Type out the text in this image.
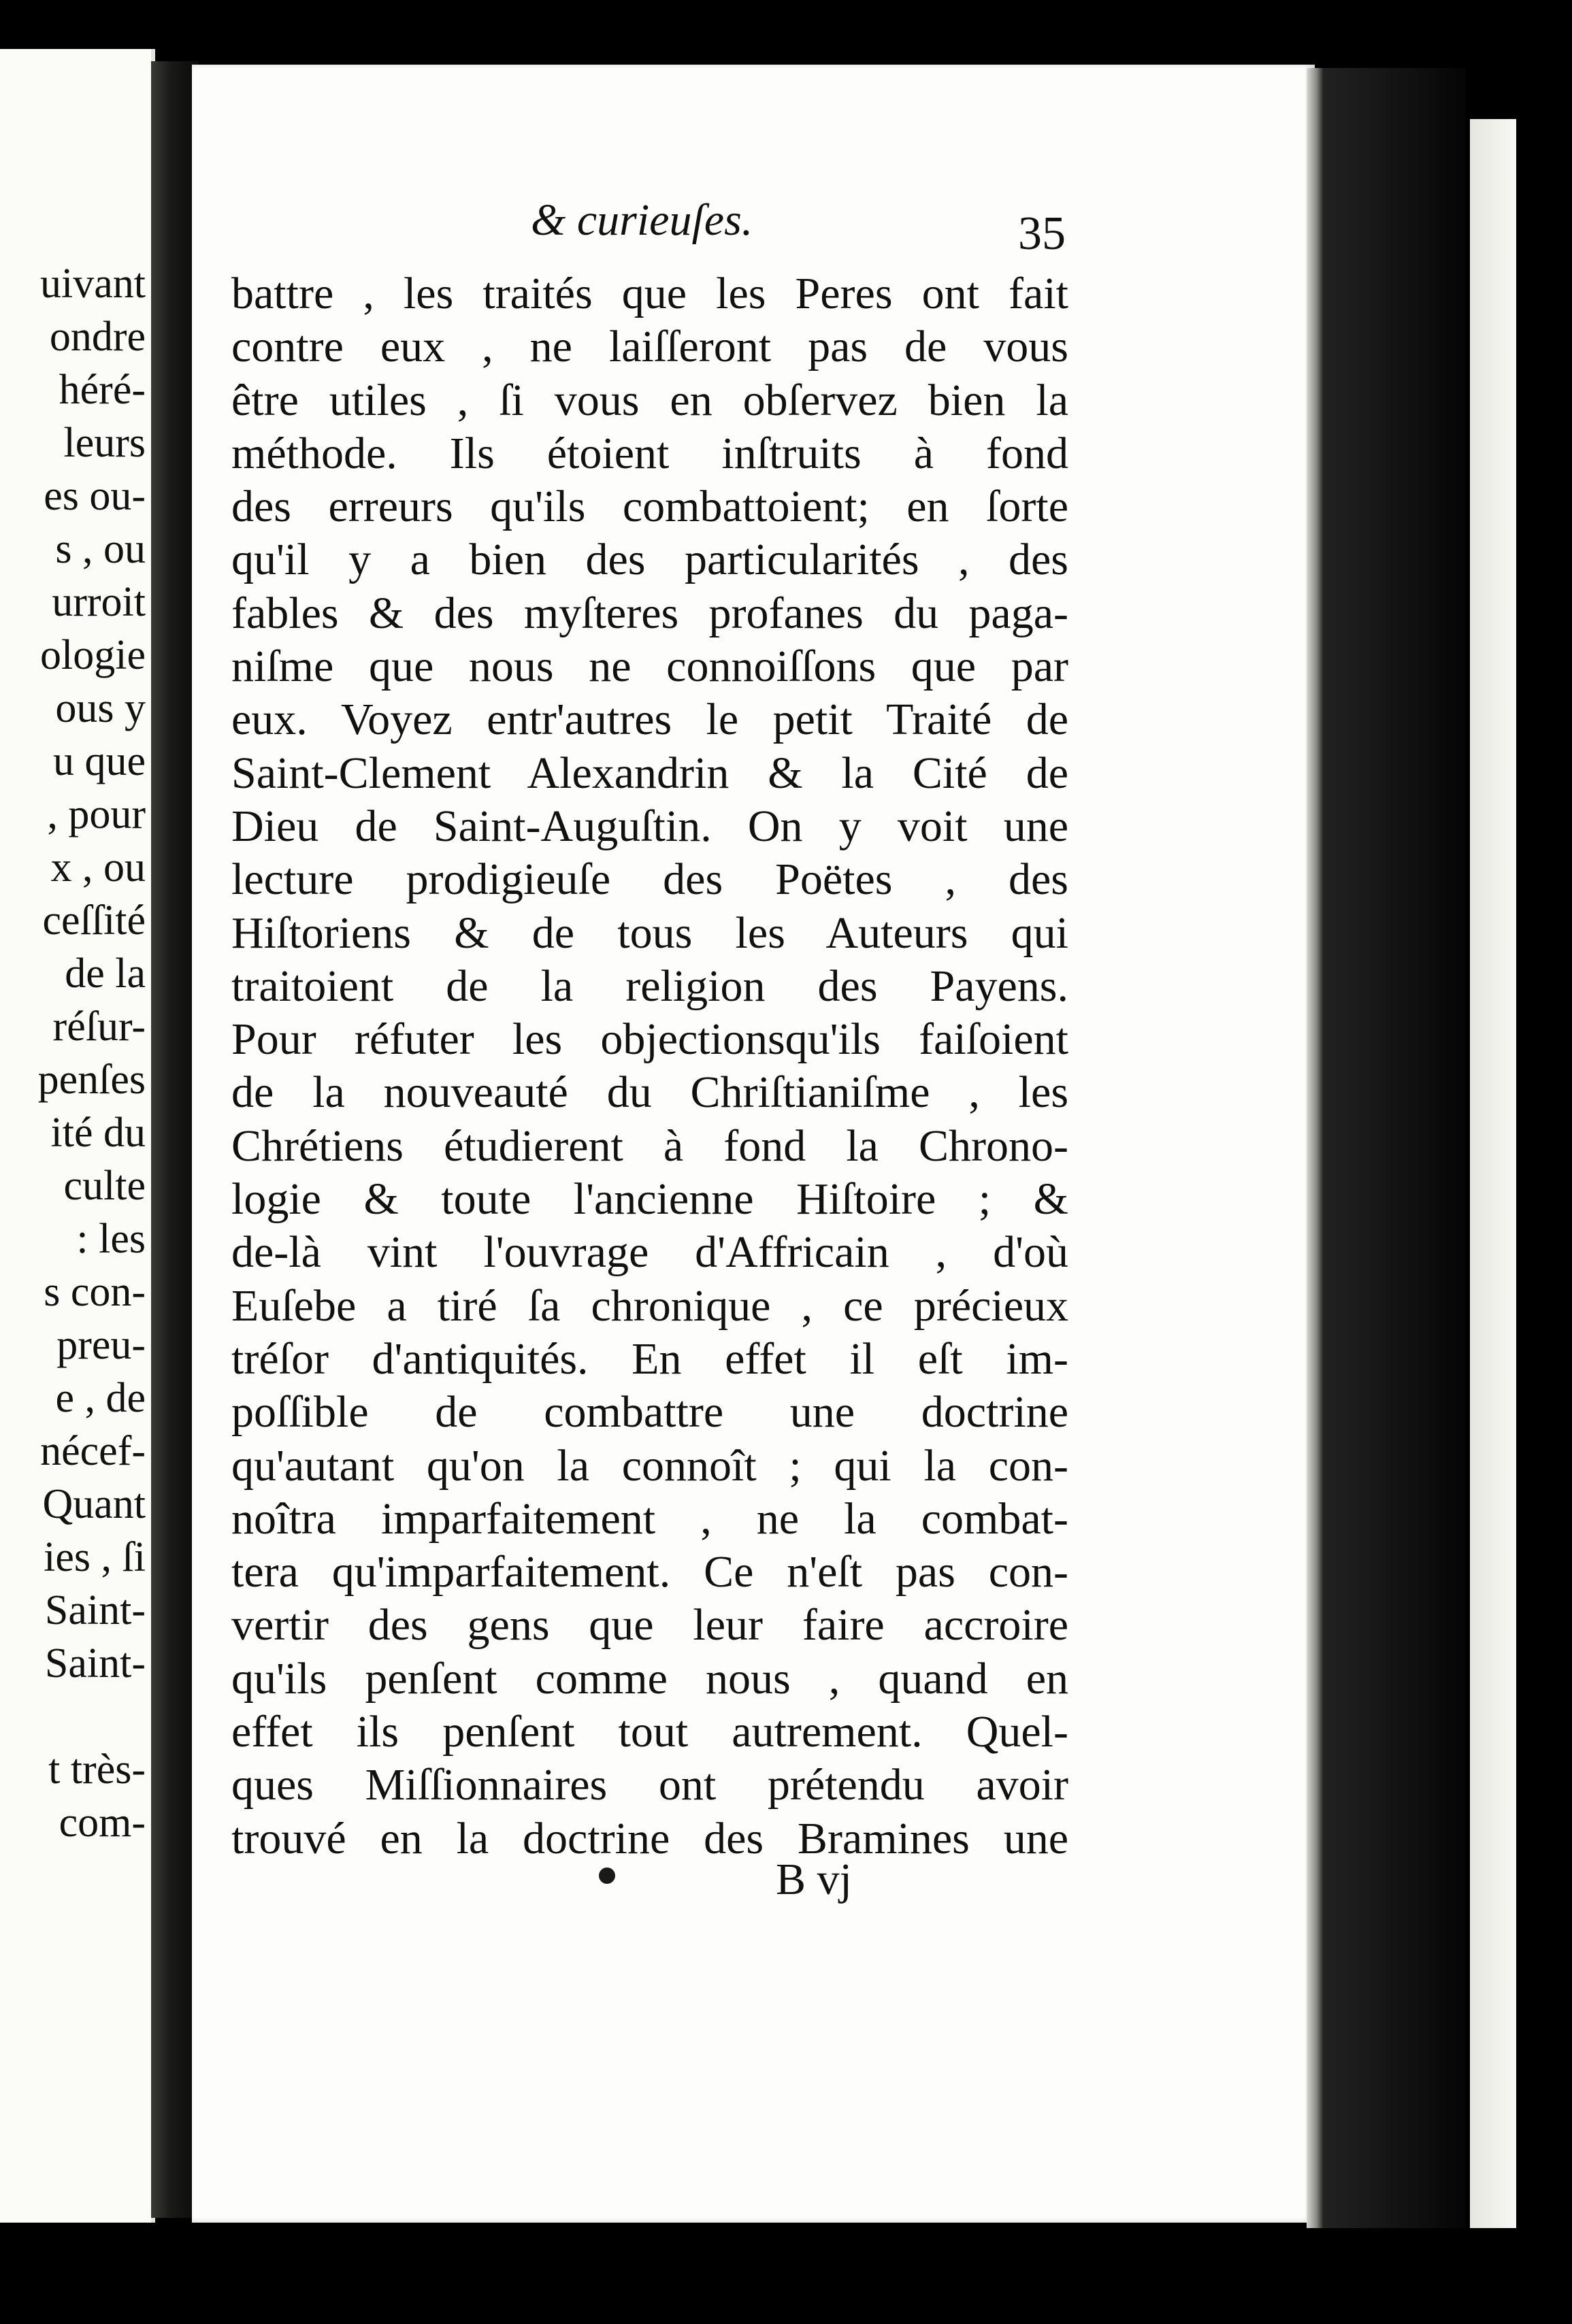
uivant
ondre
héré-
leurs
es ou-
s , ou
urroit
ologie
ous y
u que
, pour
x , ou
ceſſité
de la
réſur-
penſes
ité du
culte
: les
s con-
preu-
e , de
nécef-
Quant
ies , ſi
Saint-
Saint-
t très-
com-
& curieuſes.	35
battre , les traités que les Peres ont fait
contre eux , ne laiſſeront pas de vous
être utiles , ſi vous en obſervez bien la
méthode. Ils étoient inſtruits à fond
des erreurs qu'ils combattoient; en ſorte
qu'il y a bien des particularités , des
fables & des myſteres profanes du paga-
niſme que nous ne connoiſſons que par
eux. Voyez entr'autres le petit Traité de
Saint-Clement Alexandrin & la Cité de
Dieu de Saint-Auguſtin. On y voit une
lecture prodigieuſe des Poëtes , des
Hiſtoriens & de tous les Auteurs qui
traitoient de la religion des Payens.
Pour réfuter les objectionsqu'ils faiſoient
de la nouveauté du Chriſtianiſme , les
Chrétiens étudierent à fond la Chrono-
logie & toute l'ancienne Hiſtoire ; &
de-là vint l'ouvrage d'Affricain , d'où
Euſebe a tiré ſa chronique , ce précieux
tréſor d'antiquités. En effet il eſt im-
poſſible de combattre une doctrine
qu'autant qu'on la connoît ; qui la con-
noîtra imparfaitement , ne la combat-
tera qu'imparfaitement. Ce n'eſt pas con-
vertir des gens que leur faire accroire
qu'ils penſent comme nous , quand en
effet ils penſent tout autrement. Quel-
ques Miſſionnaires ont prétendu avoir
trouvé en la doctrine des Bramines une
B vj
